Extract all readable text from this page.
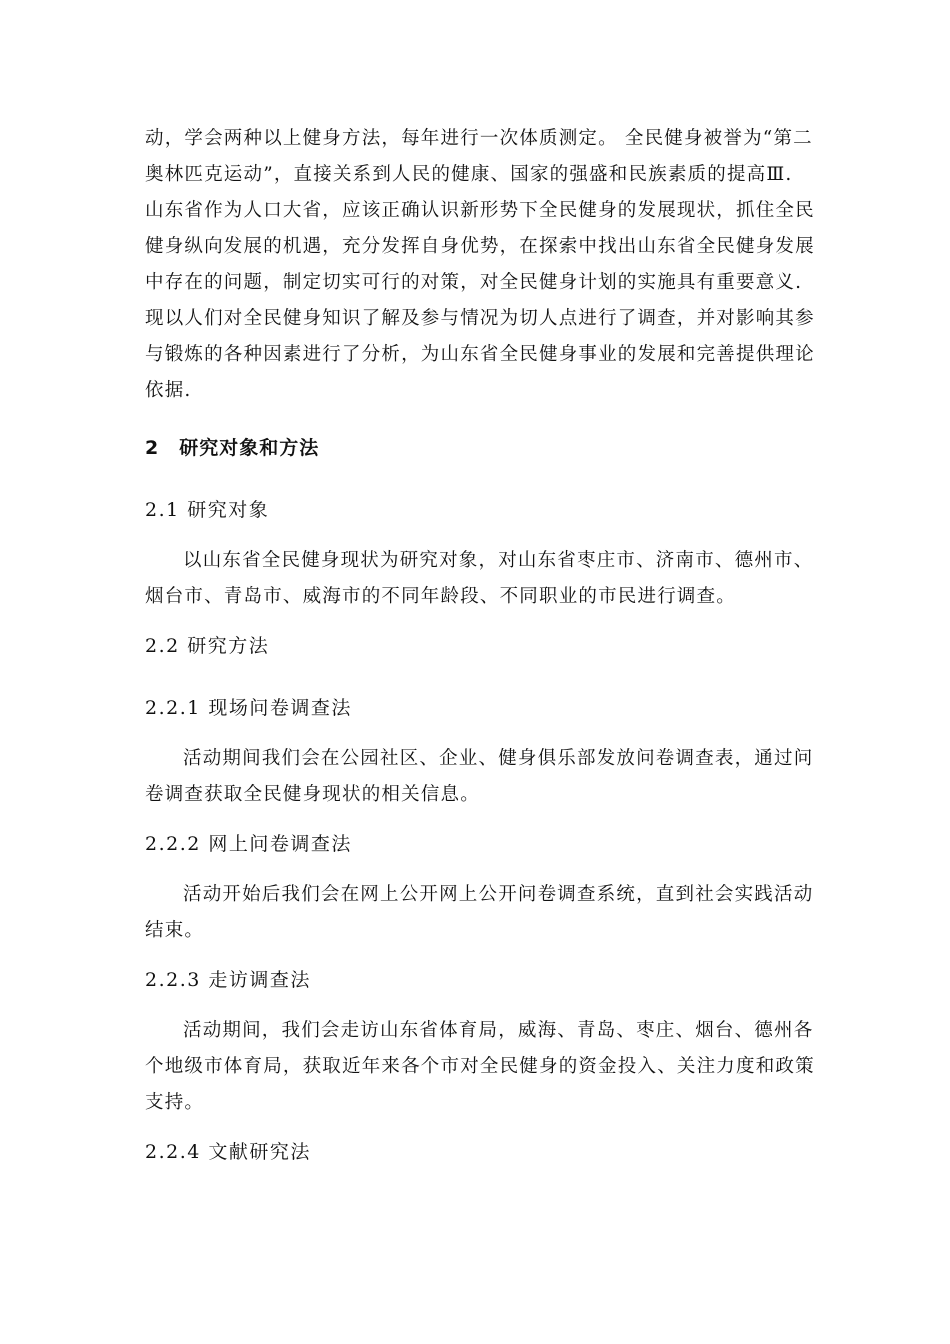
动，学会两种以上健身方法，每年进行一次体质测定。 全民健身被誉为“第二
奥林匹克运动”，直接关系到人民的健康、国家的强盛和民族素质的提高Ⅲ.
山东省作为人口大省，应该正确认识新形势下全民健身的发展现状，抓住全民
健身纵向发展的机遇，充分发挥自身优势，在探索中找出山东省全民健身发展
中存在的问题，制定切实可行的对策，对全民健身计划的实施具有重要意义.
现以人们对全民健身知识了解及参与情况为切人点进行了调查，并对影响其参
与锻炼的各种因素进行了分析，为山东省全民健身事业的发展和完善提供理论
依据.
2　研究对象和方法
2.1 研究对象
以山东省全民健身现状为研究对象，对山东省枣庄市、济南市、德州市、
烟台市、青岛市、威海市的不同年龄段、不同职业的市民进行调查。
2.2 研究方法
2.2.1 现场问卷调查法
活动期间我们会在公园社区、企业、健身俱乐部发放问卷调查表，通过问
卷调查获取全民健身现状的相关信息。
2.2.2 网上问卷调查法
活动开始后我们会在网上公开网上公开问卷调查系统，直到社会实践活动
结束。
2.2.3 走访调查法
活动期间，我们会走访山东省体育局，威海、青岛、枣庄、烟台、德州各
个地级市体育局，获取近年来各个市对全民健身的资金投入、关注力度和政策
支持。
2.2.4 文献研究法
